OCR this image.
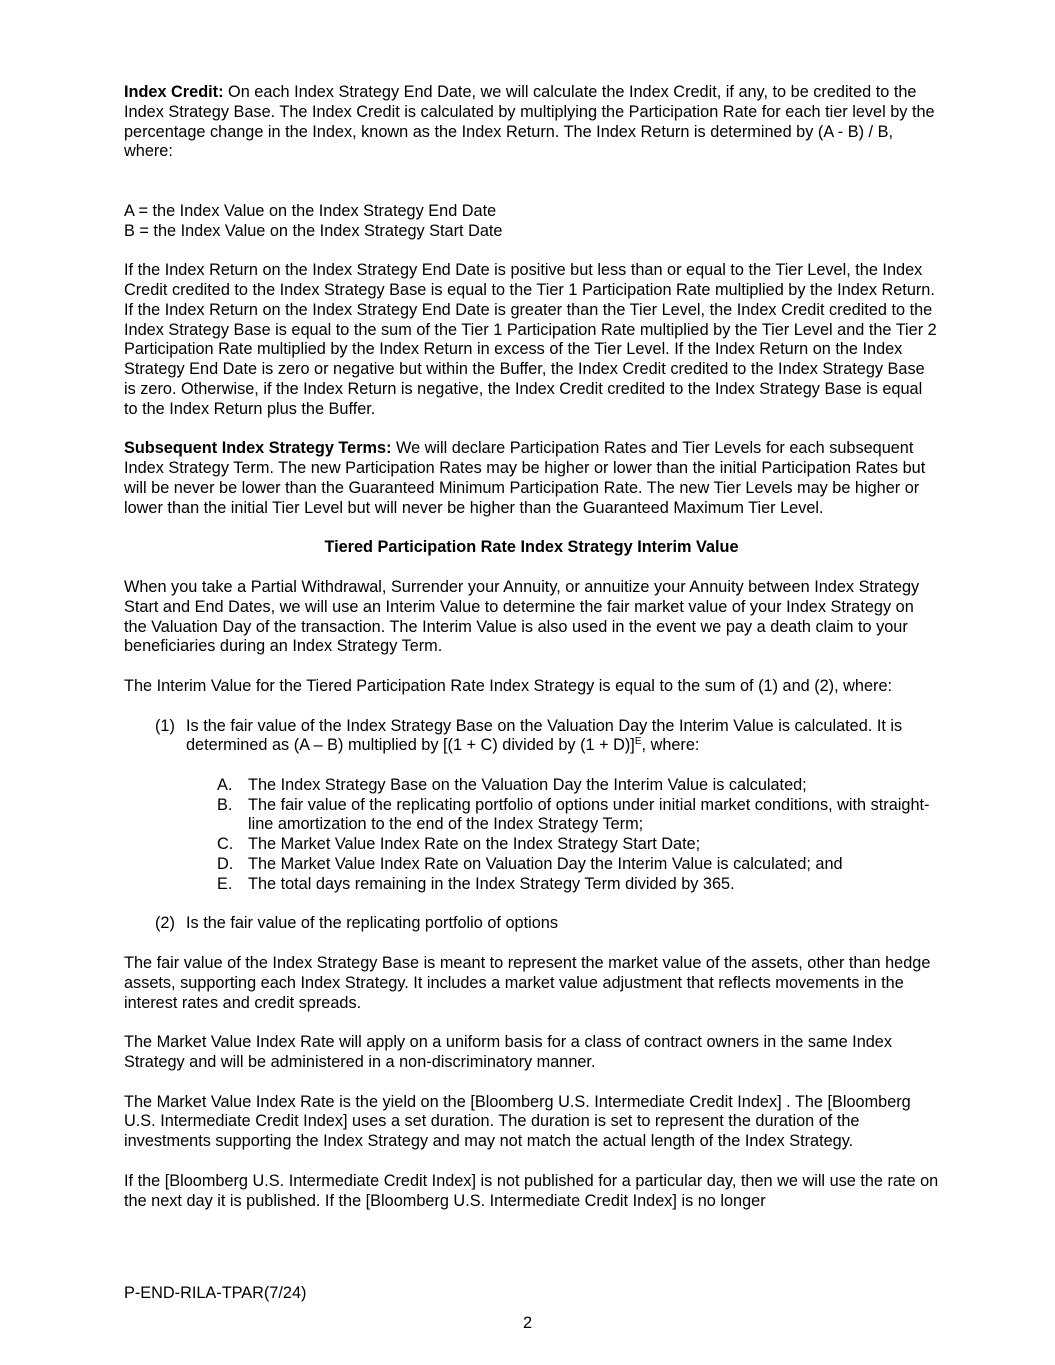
Index Credit: On each Index Strategy End Date, we will calculate the Index Credit, if any, to be credited to the Index Strategy Base. The Index Credit is calculated by multiplying the Participation Rate for each tier level by the percentage change in the Index, known as the Index Return. The Index Return is determined by (A - B) / B, where:

A = the Index Value on the Index Strategy End Date

B = the Index Value on the Index Strategy Start Date

If the Index Return on the Index Strategy End Date is positive but less than or equal to the Tier Level, the Index Credit credited to the Index Strategy Base is equal to the Tier 1 Participation Rate multiplied by the Index Return. If the Index Return on the Index Strategy End Date is greater than the Tier Level, the Index Credit credited to the Index Strategy Base is equal to the sum of the Tier 1 Participation Rate multiplied by the Tier Level and the Tier 2 Participation Rate multiplied by the Index Return in excess of the Tier Level. If the Index Return on the Index Strategy End Date is zero or negative but within the Buffer, the Index Credit credited to the Index Strategy Base is zero. Otherwise, if the Index Return is negative, the Index Credit credited to the Index Strategy Base is equal to the Index Return plus the Buffer.

Subsequent Index Strategy Terms: We will declare Participation Rates and Tier Levels for each subsequent Index Strategy Term. The new Participation Rates may be higher or lower than the initial Participation Rates but will be never be lower than the Guaranteed Minimum Participation Rate. The new Tier Levels may be higher or lower than the initial Tier Level but will never be higher than the Guaranteed Maximum Tier Level.

Tiered Participation Rate Index Strategy Interim Value

When you take a Partial Withdrawal, Surrender your Annuity, or annuitize your Annuity between Index Strategy Start and End Dates, we will use an Interim Value to determine the fair market value of your Index Strategy on the Valuation Day of the transaction. The Interim Value is also used in the event we pay a death claim to your beneficiaries during an Index Strategy Term.

The Interim Value for the Tiered Participation Rate Index Strategy is equal to the sum of (1) and (2), where:

(1) Is the fair value of the Index Strategy Base on the Valuation Day the Interim Value is calculated. It is determined as (A – B) multiplied by [(1 + C) divided by (1 + D)]$^E$, where:
A. The Index Strategy Base on the Valuation Day the Interim Value is calculated;
B. The fair value of the replicating portfolio of options under initial market conditions, with straight-line amortization to the end of the Index Strategy Term;
C. The Market Value Index Rate on the Index Strategy Start Date;
D. The Market Value Index Rate on Valuation Day the Interim Value is calculated; and
E. The total days remaining in the Index Strategy Term divided by 365.
(2) Is the fair value of the replicating portfolio of options

The fair value of the Index Strategy Base is meant to represent the market value of the assets, other than hedge assets, supporting each Index Strategy. It includes a market value adjustment that reflects movements in the interest rates and credit spreads.

The Market Value Index Rate will apply on a uniform basis for a class of contract owners in the same Index Strategy and will be administered in a non-discriminatory manner.

The Market Value Index Rate is the yield on the [Bloomberg U.S. Intermediate Credit Index] . The [Bloomberg U.S. Intermediate Credit Index] uses a set duration. The duration is set to represent the duration of the investments supporting the Index Strategy and may not match the actual length of the Index Strategy.

If the [Bloomberg U.S. Intermediate Credit Index] is not published for a particular day, then we will use the rate on the next day it is published. If the [Bloomberg U.S. Intermediate Credit Index] is no longer

P-END-RILA-TPAR(7/24)
2
